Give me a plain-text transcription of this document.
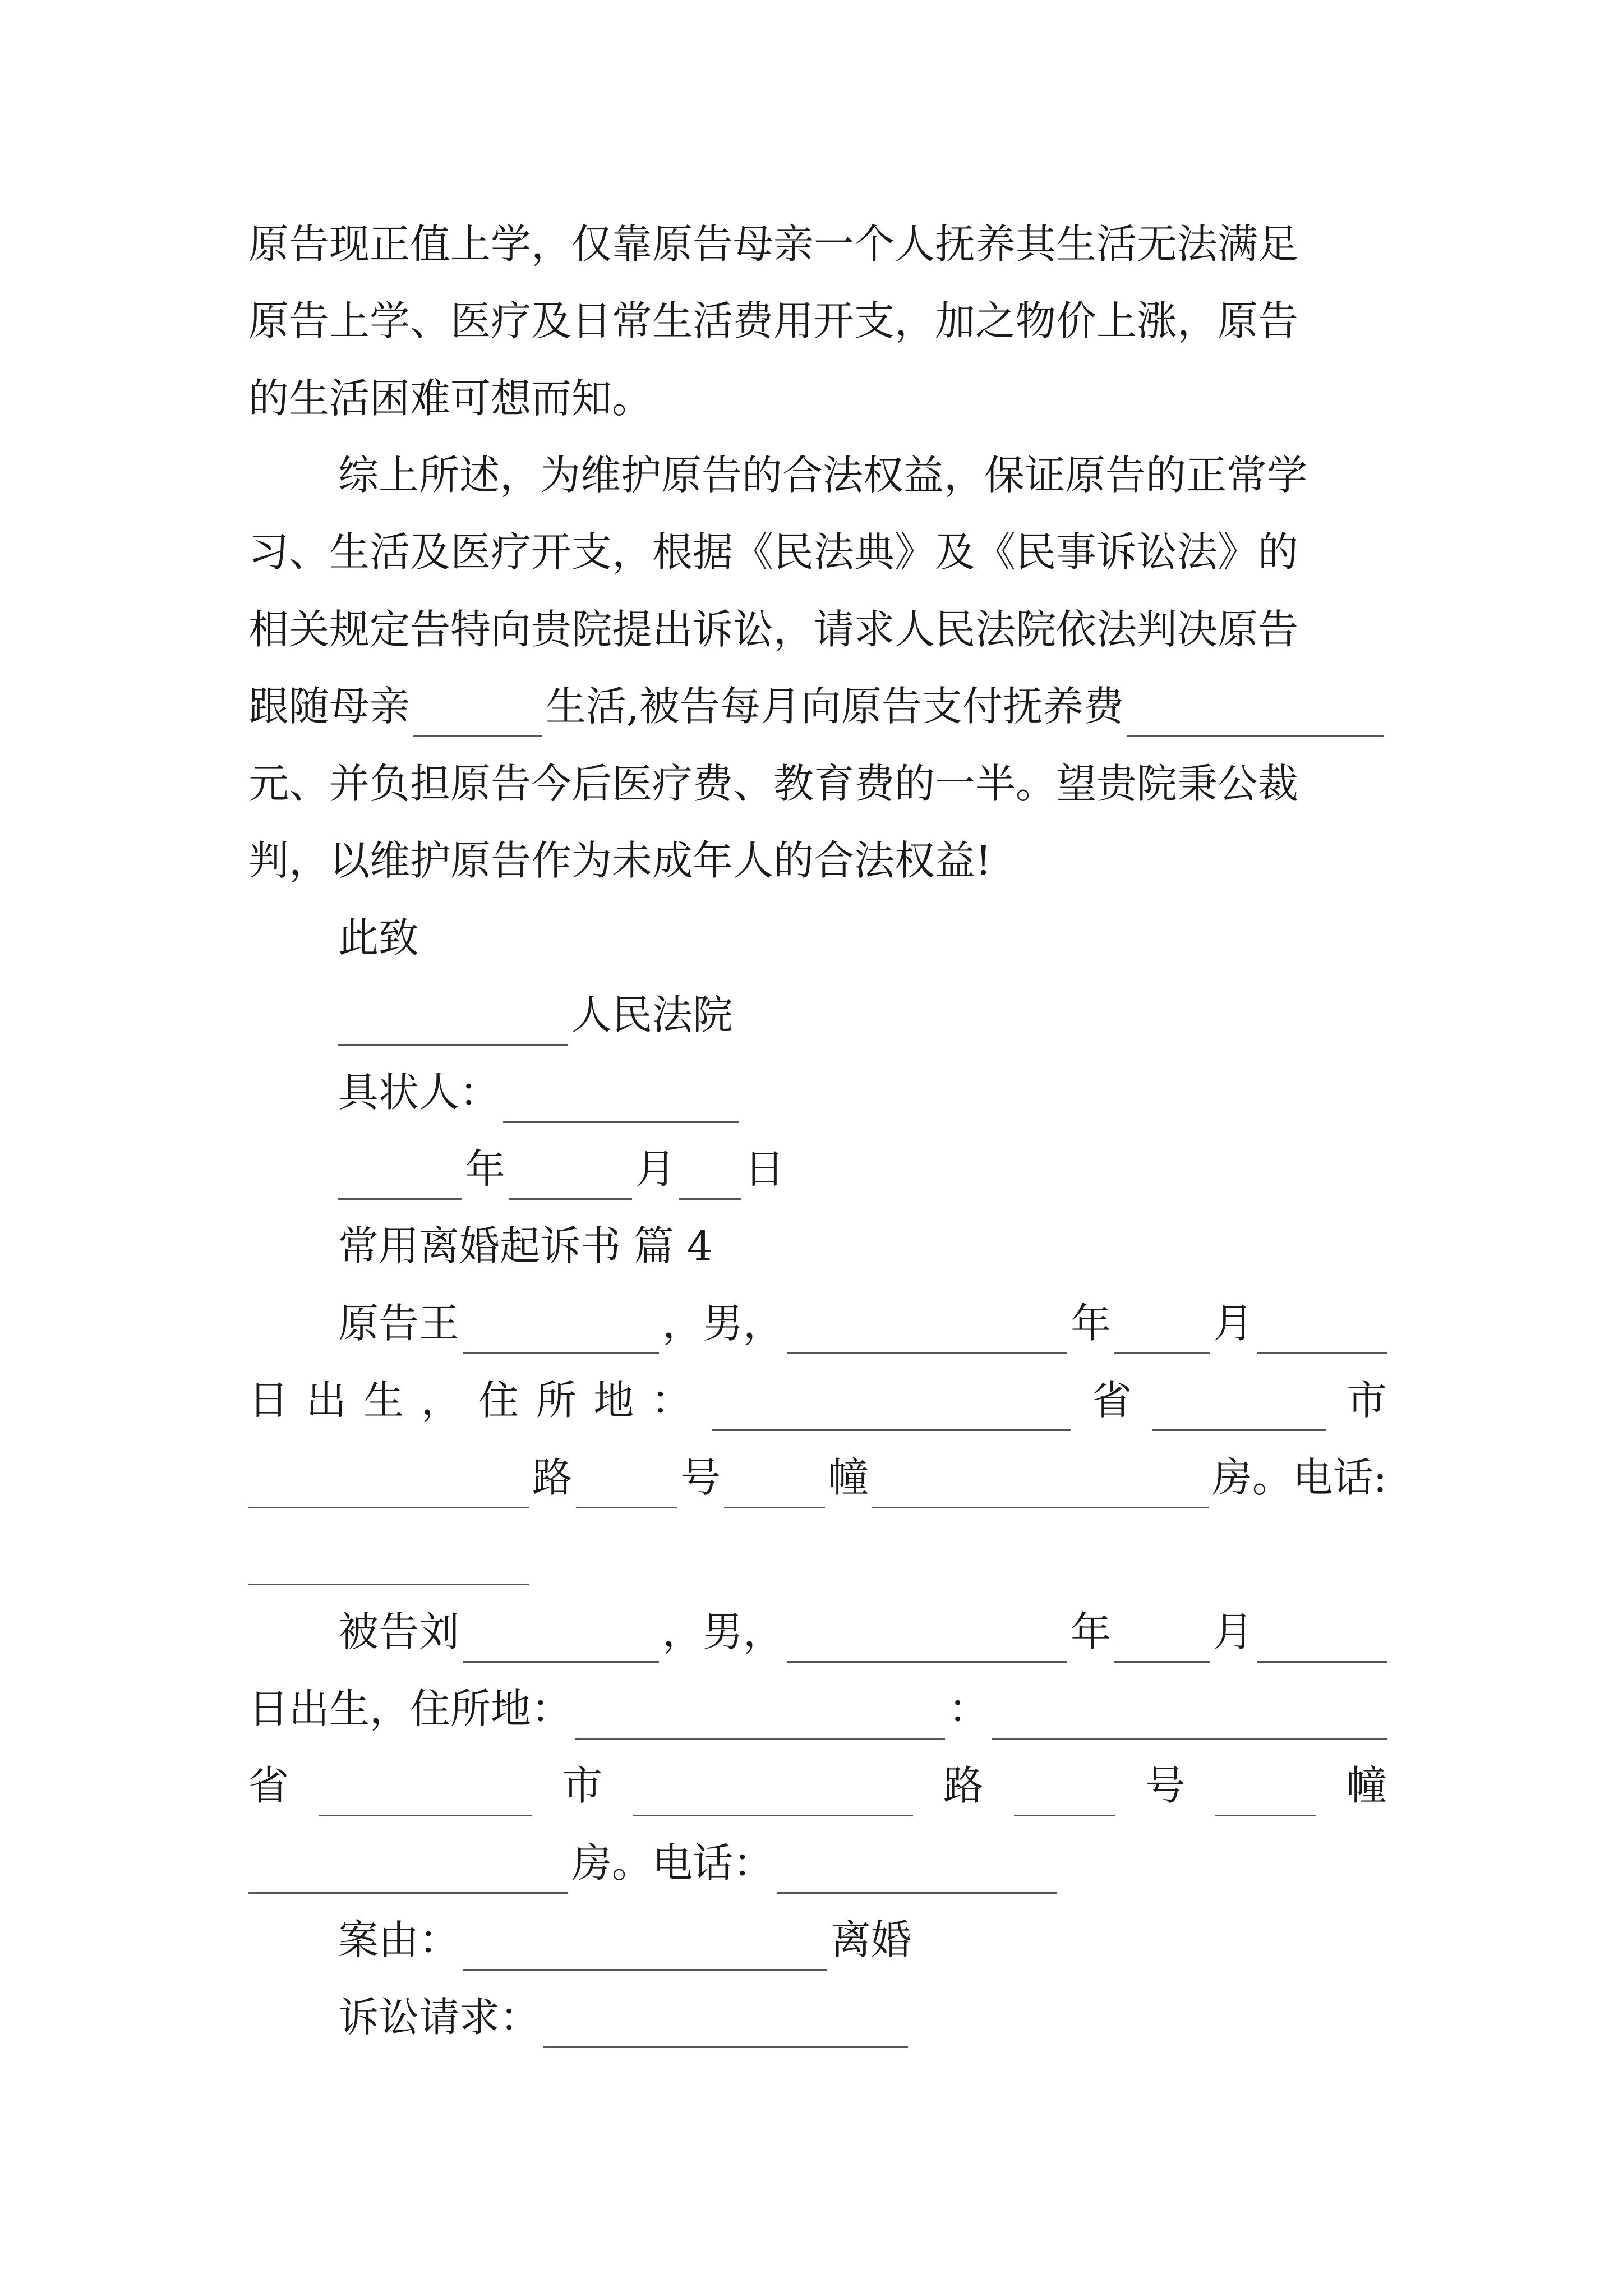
原告现正值上学，仅靠原告母亲一个人抚养其生活无法满足
原告上学、医疗及日常生活费用开支，加之物价上涨，原告
的生活困难可想而知。
综上所述，为维护原告的合法权益，保证原告的正常学
习、生活及医疗开支，根据《民法典》及《民事诉讼法》的
相关规定告特向贵院提出诉讼，请求人民法院依法判决原告
跟随母亲	生活,被告每月向原告支付抚养费
元、并负担原告今后医疗费、教育费的一半。望贵院秉公裁
判，以维护原告作为未成年人的合法权益!
此致
人民法院
具状人：
年	月 日
常用离婚起诉书 篇 4
原告王	，男，	年	月
日 出 生 ， 住 所 地 ：	省	市
路	号	幢	房。电话:
被告刘	，男，	年	月
日出生，住所地：	：
省	市	路	号	幢
房。电话：
案由：	离婚
诉讼请求：
